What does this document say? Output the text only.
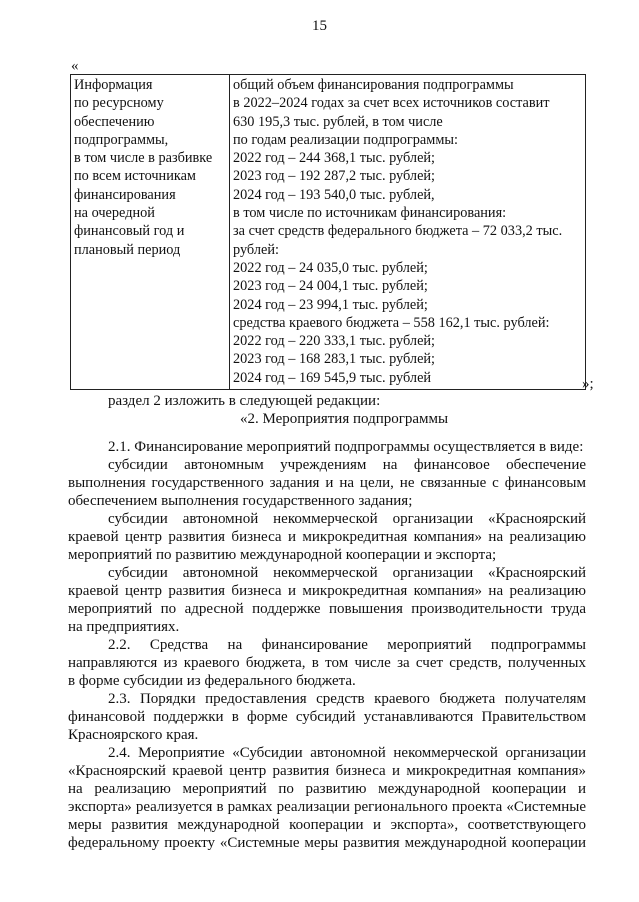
15
«
Информация
по ресурсному
обеспечению
подпрограммы,
в том числе в разбивке
по всем источникам
финансирования
на очередной
финансовый год и
плановый период

общий объем финансирования подпрограммы
в 2022–2024 годах за счет всех источников составит
630 195,3 тыс. рублей, в том числе
по годам реализации подпрограммы:
2022 год – 244 368,1 тыс. рублей;
2023 год – 192 287,2 тыс. рублей;
2024 год – 193 540,0 тыс. рублей,
в том числе по источникам финансирования:
за счет средств федерального бюджета – 72 033,2 тыс.
рублей:
2022 год – 24 035,0 тыс. рублей;
2023 год – 24 004,1 тыс. рублей;
2024 год – 23 994,1 тыс. рублей;
средства краевого бюджета – 558 162,1 тыс. рублей:
2022 год – 220 333,1 тыс. рублей;
2023 год – 168 283,1 тыс. рублей;
2024 год – 169 545,9 тыс. рублей	»;

раздел 2 изложить в следующей редакции:

«2. Мероприятия подпрограммы

2.1. Финансирование мероприятий подпрограммы осуществляется в виде:
субсидии автономным учреждениям на финансовое обеспечение
выполнения государственного задания и на цели, не связанные с финансовым
обеспечением выполнения государственного задания;
субсидии автономной некоммерческой организации «Красноярский
краевой центр развития бизнеса и микрокредитная компания» на реализацию
мероприятий по развитию международной кооперации и экспорта;
субсидии автономной некоммерческой организации «Красноярский
краевой центр развития бизнеса и микрокредитная компания» на реализацию
мероприятий по адресной поддержке повышения производительности труда
на предприятиях.
2.2. Средства на финансирование мероприятий подпрограммы
направляются из краевого бюджета, в том числе за счет средств, полученных
в форме субсидии из федерального бюджета.
2.3. Порядки предоставления средств краевого бюджета получателям
финансовой поддержки в форме субсидий устанавливаются Правительством
Красноярского края.
2.4. Мероприятие «Субсидии автономной некоммерческой организации
«Красноярский краевой центр развития бизнеса и микрокредитная компания»
на реализацию мероприятий по развитию международной кооперации и
экспорта» реализуется в рамках реализации регионального проекта «Системные
меры развития международной кооперации и экспорта», соответствующего
федеральному проекту «Системные меры развития международной кооперации
